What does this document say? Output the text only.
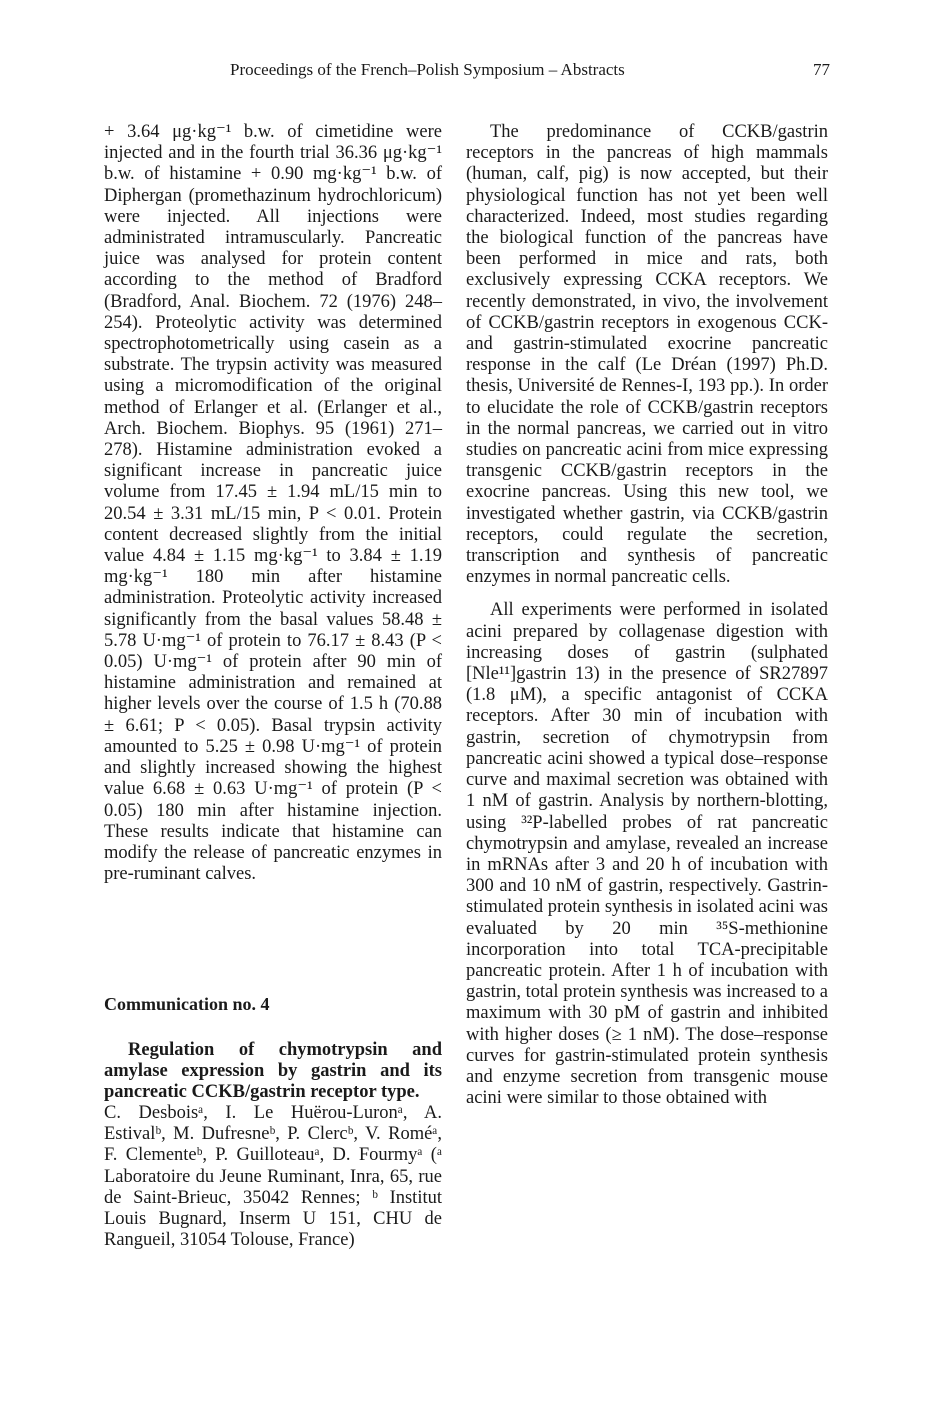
Proceedings of the French–Polish Symposium – Abstracts	77

+ 3.64 μg·kg⁻¹ b.w. of cimetidine were injected and in the fourth trial 36.36 μg·kg⁻¹ b.w. of histamine + 0.90 mg·kg⁻¹ b.w. of Diphergan (promethazinum hydrochloricum) were injected. All injections were administrated intramuscularly. Pancreatic juice was analysed for protein content according to the method of Bradford (Bradford, Anal. Biochem. 72 (1976) 248–254). Proteolytic activity was determined spectrophotometrically using casein as a substrate. The trypsin activity was measured using a micromodification of the original method of Erlanger et al. (Erlanger et al., Arch. Biochem. Biophys. 95 (1961) 271–278). Histamine administration evoked a significant increase in pancreatic juice volume from 17.45 ± 1.94 mL/15 min to 20.54 ± 3.31 mL/15 min, P < 0.01. Protein content decreased slightly from the initial value 4.84 ± 1.15 mg·kg⁻¹ to 3.84 ± 1.19 mg·kg⁻¹ 180 min after histamine administration. Proteolytic activity increased significantly from the basal values 58.48 ± 5.78 U·mg⁻¹ of protein to 76.17 ± 8.43 (P < 0.05) U·mg⁻¹ of protein after 90 min of histamine administration and remained at higher levels over the course of 1.5 h (70.88 ± 6.61; P < 0.05). Basal trypsin activity amounted to 5.25 ± 0.98 U·mg⁻¹ of protein and slightly increased showing the highest value 6.68 ± 0.63 U·mg⁻¹ of protein (P < 0.05) 180 min after histamine injection. These results indicate that histamine can modify the release of pancreatic enzymes in pre-ruminant calves.

Communication no. 4
Regulation of chymotrypsin and amylase expression by gastrin and its pancreatic CCKB/gastrin receptor type.
C. Desboisᵃ, I. Le Huërou-Luronᵃ, A. Estivalᵇ, M. Dufresneᵇ, P. Clercᵇ, V. Roméᵃ, F. Clementeᵇ, P. Guilloteauᵃ, D. Fourmyᵃ (ᵃ Laboratoire du Jeune Ruminant, Inra, 65, rue de Saint-Brieuc, 35042 Rennes; ᵇ Institut Louis Bugnard, Inserm U 151, CHU de Rangueil, 31054 Tolouse, France)

The predominance of CCKB/gastrin receptors in the pancreas of high mammals (human, calf, pig) is now accepted, but their physiological function has not yet been well characterized. Indeed, most studies regarding the biological function of the pancreas have been performed in mice and rats, both exclusively expressing CCKA receptors. We recently demonstrated, in vivo, the involvement of CCKB/gastrin receptors in exogenous CCK- and gastrin-stimulated exocrine pancreatic response in the calf (Le Dréan (1997) Ph.D. thesis, Université de Rennes-I, 193 pp.). In order to elucidate the role of CCKB/gastrin receptors in the normal pancreas, we carried out in vitro studies on pancreatic acini from mice expressing transgenic CCKB/gastrin receptors in the exocrine pancreas. Using this new tool, we investigated whether gastrin, via CCKB/gastrin receptors, could regulate the secretion, transcription and synthesis of pancreatic enzymes in normal pancreatic cells.

All experiments were performed in isolated acini prepared by collagenase digestion with increasing doses of gastrin (sulphated [Nle¹¹]gastrin 13) in the presence of SR27897 (1.8 μM), a specific antagonist of CCKA receptors. After 30 min of incubation with gastrin, secretion of chymotrypsin from pancreatic acini showed a typical dose–response curve and maximal secretion was obtained with 1 nM of gastrin. Analysis by northern-blotting, using ³²P-labelled probes of rat pancreatic chymotrypsin and amylase, revealed an increase in mRNAs after 3 and 20 h of incubation with 300 and 10 nM of gastrin, respectively. Gastrin-stimulated protein synthesis in isolated acini was evaluated by 20 min ³⁵S-methionine incorporation into total TCA-precipitable pancreatic protein. After 1 h of incubation with gastrin, total protein synthesis was increased to a maximum with 30 pM of gastrin and inhibited with higher doses (≥ 1 nM). The dose–response curves for gastrin-stimulated protein synthesis and enzyme secretion from transgenic mouse acini were similar to those obtained with
